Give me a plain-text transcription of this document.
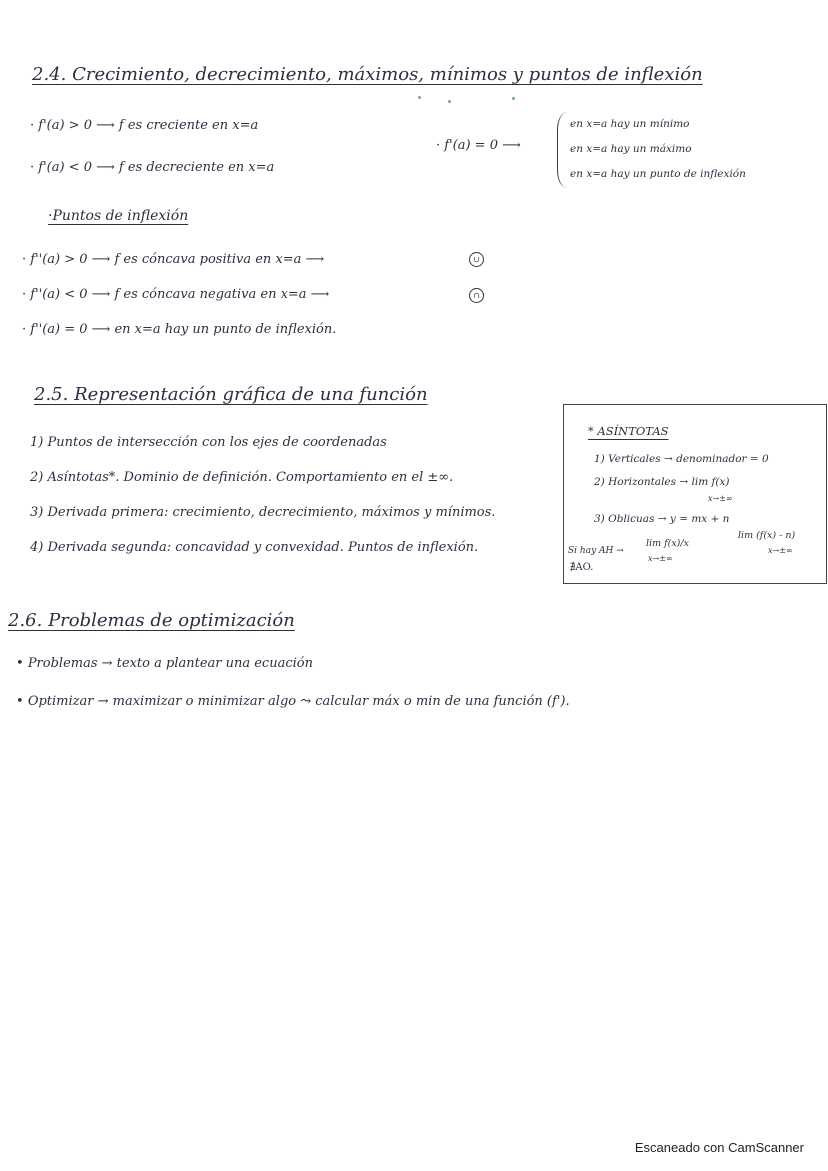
2.4. Crecimiento, decrecimiento, máximos, mínimos y puntos de inflexión
· f'(a) > 0 ⟶ f es creciente en x=a
· f'(a) < 0 ⟶ f es decreciente en x=a
· f'(a) = 0 ⟶
en x=a hay un mínimo
en x=a hay un máximo
en x=a hay un punto de inflexión
·Puntos de inflexión
· f''(a) > 0 ⟶ f es cóncava positiva en x=a ⟶	∪
· f''(a) < 0 ⟶ f es cóncava negativa en x=a ⟶	∩
· f''(a) = 0 ⟶ en x=a hay un punto de inflexión.
2.5. Representación gráfica de una función
1) Puntos de intersección con los ejes de coordenadas
2) Asíntotas*. Dominio de definición. Comportamiento en el ±∞.
3) Derivada primera: crecimiento, decrecimiento, máximos y mínimos.
4) Derivada segunda: concavidad y convexidad. Puntos de inflexión.
* ASÍNTOTAS
1) Verticales → denominador = 0
2) Horizontales → lim f(x)
x→±∞
3) Oblicuas → y = mx + n
lim f(x)/x
x→±∞
lim (f(x) - n)
x→±∞
Si hay AH →
∄AO.
2.6. Problemas de optimización
• Problemas → texto a plantear una ecuación
• Optimizar → maximizar o minimizar algo ⤳ calcular máx o min de una función (f').
Escaneado con CamScanner
